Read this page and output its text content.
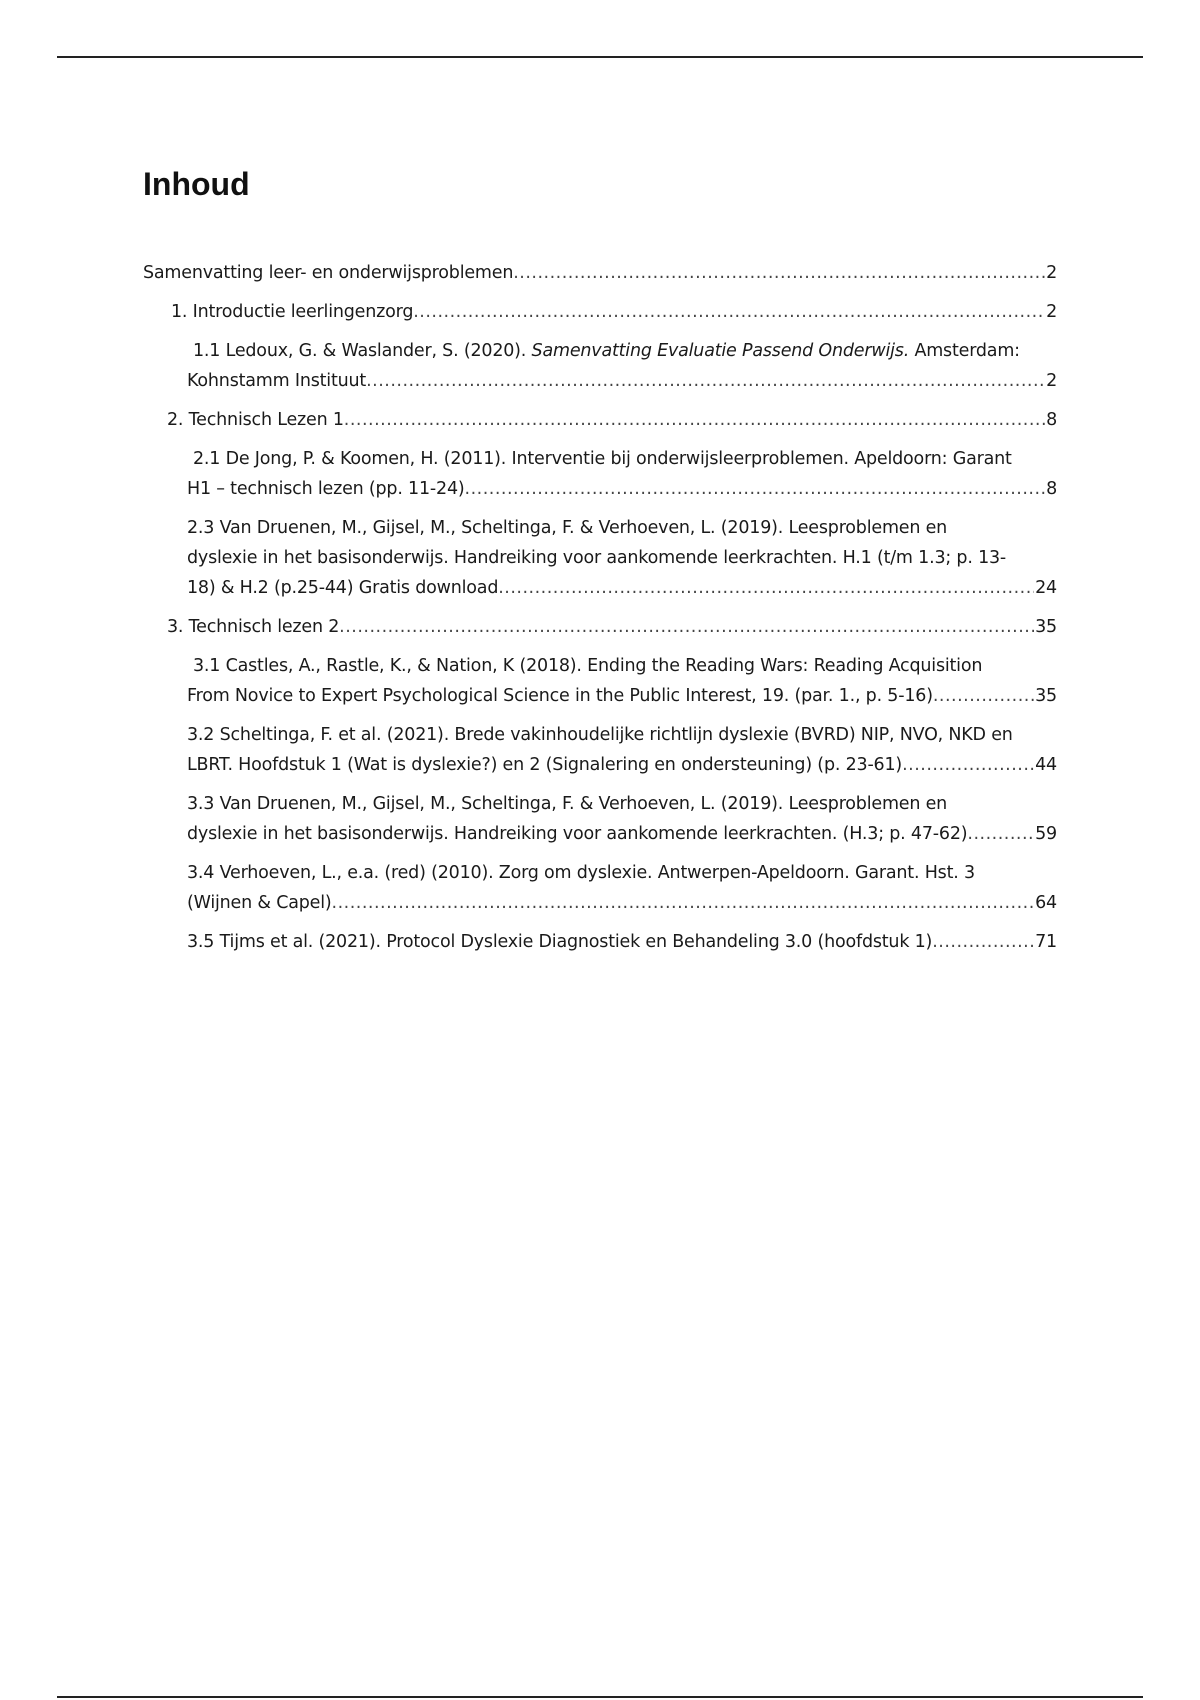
Inhoud
Samenvatting leer- en onderwijsproblemen .....	2
1. Introductie leerlingenzorg .....	2
1.1 Ledoux, G. & Waslander, S. (2020). Samenvatting Evaluatie Passend Onderwijs. Amsterdam:
Kohnstamm Instituut .....	2
2. Technisch Lezen 1 .....	8
2.1 De Jong, P. & Koomen, H. (2011). Interventie bij onderwijsleerproblemen. Apeldoorn: Garant
H1 – technisch lezen (pp. 11-24) .....	8
2.3 Van Druenen, M., Gijsel, M., Scheltinga, F. & Verhoeven, L. (2019). Leesproblemen en
dyslexie in het basisonderwijs. Handreiking voor aankomende leerkrachten. H.1 (t/m 1.3; p. 13-
18) & H.2 (p.25-44) Gratis download .....	24
3. Technisch lezen 2 .....	35
3.1 Castles, A., Rastle, K., & Nation, K (2018). Ending the Reading Wars: Reading Acquisition
From Novice to Expert Psychological Science in the Public Interest, 19. (par. 1., p. 5-16) .....	35
3.2 Scheltinga, F. et al. (2021). Brede vakinhoudelijke richtlijn dyslexie (BVRD) NIP, NVO, NKD en
LBRT. Hoofdstuk 1 (Wat is dyslexie?) en 2 (Signalering en ondersteuning) (p. 23-61) .....	44
3.3 Van Druenen, M., Gijsel, M., Scheltinga, F. & Verhoeven, L. (2019). Leesproblemen en
dyslexie in het basisonderwijs. Handreiking voor aankomende leerkrachten. (H.3; p. 47-62) .....	59
3.4 Verhoeven, L., e.a. (red) (2010). Zorg om dyslexie. Antwerpen-Apeldoorn. Garant. Hst. 3
(Wijnen & Capel) .....	64
3.5 Tijms et al. (2021). Protocol Dyslexie Diagnostiek en Behandeling 3.0 (hoofdstuk 1) .....	71
